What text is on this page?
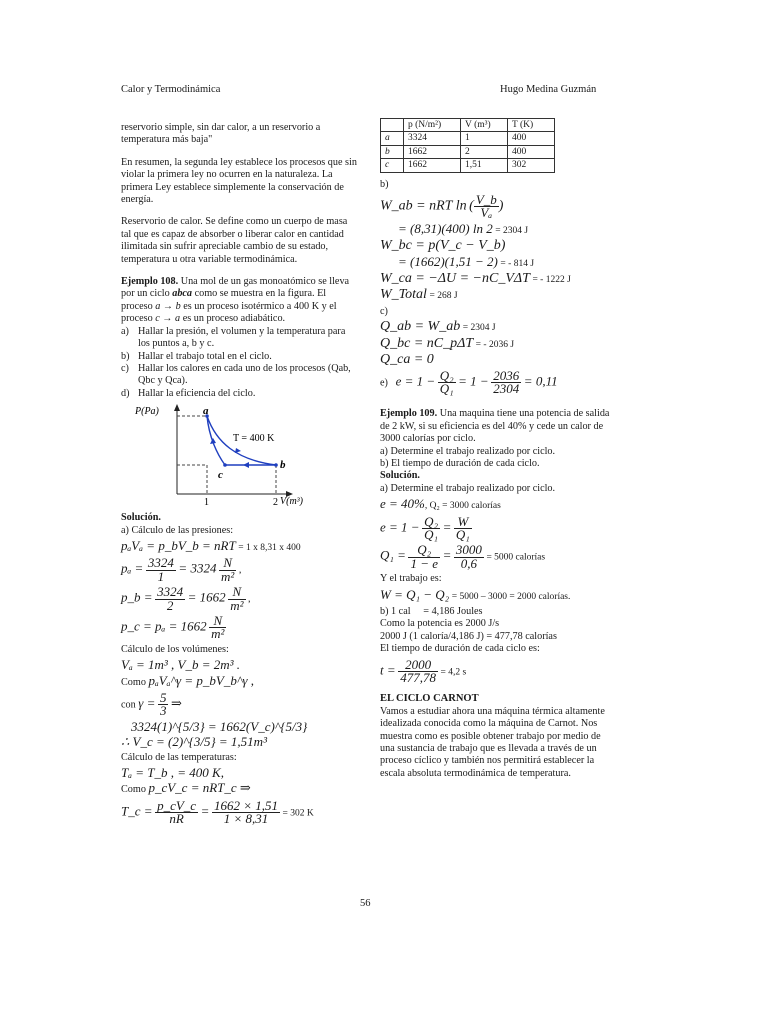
Calor y Termodinámica	Hugo Medina Guzmán

reservorio simple, sin dar calor, a un reservorio a temperatura más baja"

En resumen, la segunda ley establece los procesos que sin violar la primera ley no ocurren en la naturaleza. La primera Ley establece simplemente la conservación de energía.

Reservorio de calor. Se define como un cuerpo de masa tal que es capaz de absorber o liberar calor en cantidad ilimitada sin sufrir apreciable cambio de su estado, temperatura u otra variable termodinámica.

Ejemplo 108. Una mol de un gas monoatómico se lleva por un ciclo abca como se muestra en la figura. El proceso a → b es un proceso isotérmico a 400 K y el proceso c → a es un proceso adiabático.

a) Hallar la presión, el volumen y la temperatura para los puntos a, b y c.
b) Hallar el trabajo total en el ciclo.
c) Hallar los calores en cada uno de los procesos (Qab, Qbc y Qca).
d) Hallar la eficiencia del ciclo.
P(Pa)
V(m³)
T = 400 K
a
b
c
1	2

Solución.

a) Cálculo de las presiones:

pₐVₐ = p_bV_b = nRT = 1 x 8,31 x 400
$p_a = \frac{3324}{1} = 3324 \frac{N}{\text{m²}}$ ,
p_b = $\frac{3324}{2} = 1662 \frac{N}{\text{m²}}$ ,
p_c = $p_a = 1662 \frac{N}{\text{m²}}$

Cálculo de los volúmenes:

Vₐ = 1m³ , V_b = 2m³ .
Como pₐVₐ^γ = p_bV_b^γ ,
con $\gamma = \frac{5}{3}$ ⇒
3324(1)^{5/3} = 1662(V_c)^{5/3}
∴ V_c = (2)^{3/5} = 1,51m³

Cálculo de las temperaturas:

Tₐ = T_b , = 400 K,
Como p_cV_c = nRT_c ⇒
T_c = $\frac{p\_cV\_c}{nR} = \frac{1662 \times 1,51}{1 \times 8,31} = 302$ K
	p (N/m²)	V (m³)	T (K)
a	3324	1	400
b	1662	2	400
c	1662	1,51	302

b)

W_ab = nRT ln ( $\frac{V\_b}{\text{Vₐ}}$ )
= (8,31)(400) ln 2 = 2304 J
W_bc = p(V_c − V_b)
= (1662)(1,51 − 2) = - 814 J
W_ca = −ΔU = −nC_VΔT = - 1222 J
W_Total = 268 J

c)

Q_ab = W_ab = 2304 J
Q_bc = nC_pΔT = - 2036 J
Q_ca = 0
e) $e = 1 - \frac{\text{Q₂}}{\text{Q₁}} = 1 - \frac{2036}{2304} = 0,11$

Ejemplo 109. Una maquina tiene una potencia de salida de 2 kW, si su eficiencia es del 40% y cede un calor de 3000 calorías por ciclo.

a) Determine el trabajo realizado por ciclo.

b) El tiempo de duración de cada ciclo.

Solución.

a) Determine el trabajo realizado por ciclo.

e = 40%, Q₂ = 3000 calorías
$e = 1 - \frac{\text{Q₂}}{\text{Q₁}} = \frac{W}{\text{Q₁}}$
$Q_1 = \frac{\text{Q₂}}{1 - e} = \frac{3000}{0,6} = 5000$ calorías

Y el trabajo es:

W = Q₁ − Q₂ = 5000 – 3000 = 2000 calorías.

b) 1 cal     = 4,186 Joules

Como la potencia es 2000 J/s

2000 J (1 caloría/4,186 J) = 477,78 calorías

El tiempo de duración de cada ciclo es:

$t = \frac{2000}{477,78} = 4,2$ s

EL CICLO CARNOT

Vamos a estudiar ahora una máquina térmica altamente idealizada conocida como la máquina de Carnot. Nos muestra como es posible obtener trabajo por medio de una sustancia de trabajo que es llevada a través de un proceso cíclico y también nos permitirá establecer la escala absoluta termodinámica de temperatura.

56
